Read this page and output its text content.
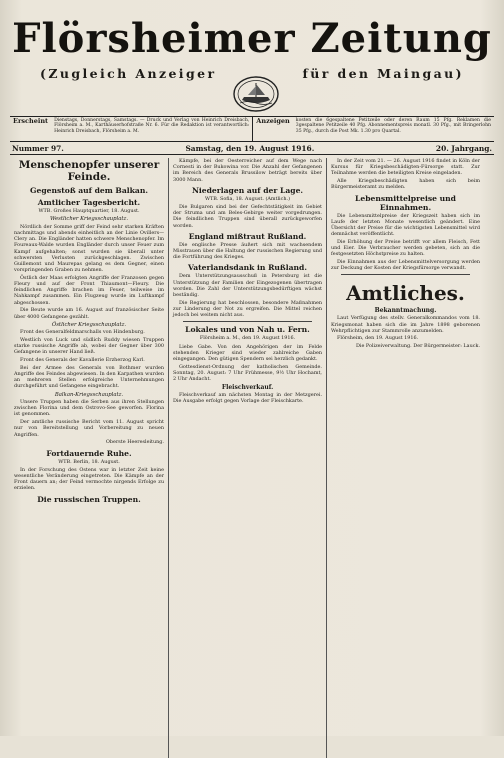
Flörsheimer Zeitung
(Zugleich Anzeiger	für den Maingau)
Erscheint	Dienstags, Donnerstags, Samstags. — Druck und Verlag von Heinrich Dreisbach, Flörsheim a. M., Karthäuserhofstraße Nr. 6. Für die Redaktion ist verantwortlich: Heinrich Dreisbach, Flörsheim a. M.
Anzeigen	kosten die 6gespaltene Petitzeile oder deren Raum 15 Pfg. Reklamen die 3gespaltene Petitzeile 40 Pfg. Abonnementspreis monatl. 30 Pfg., mit Bringerlohn 35 Pfg., durch die Post Mk. 1.30 pro Quartal.
Nummer 97.	Samstag, den 19. August 1916.	20. Jahrgang.
Menschenopfer unserer Feinde.
Gegenstoß auf dem Balkan.
Amtlicher Tagesbericht.
WTB. Großes Hauptquartier, 18. August.
Westlicher Kriegsschauplatz.

Nördlich der Somme griff der Feind sehr starken Kräften nachmittags und abends einheitlich an der Linie Ovillers—Clery an. Die Engländer hatten schwere Menschenopfer. Im Foureaux-Walde wurden Engländer durch unser Feuer zum Kampf aufgehalten; sonst wurden sie überall unter schwersten Verlusten zurückgeschlagen. Zwischen Guillemont und Maurepas gelang es dem Gegner, einen vorspringenden Graben zu nehmen.

Östlich der Maas erfolgten Angriffe der Franzosen gegen Fleury und auf der Front Thiaumont—Fleury. Die feindlichen Angriffe brachen im Feuer, teilweise im Nahkampf zusammen. Ein Flugzeug wurde im Luftkampf abgeschossen.

Die Beute wurde am 16. August auf französischer Seite über 4000 Gefangene gezählt.

Östlicher Kriegsschauplatz.

Front des Generalfeldmarschalls von Hindenburg.

Westlich von Luck und südlich Ruddy wiesen Truppen starke russische Angriffe ab, wobei der Gegner über 300 Gefangene in unserer Hand ließ.

Front des Generals der Kavallerie Erzherzog Karl.

Bei der Armee des Generals von Bothmer wurden Angriffe des Feindes abgewiesen. In den Karpathen wurden an mehreren Stellen erfolgreiche Unternehmungen durchgeführt und Gefangene eingebracht.

Balkan-Kriegsschauplatz.

Unsere Truppen haben die Serben aus ihren Stellungen zwischen Florina und dem Ostrovo-See geworfen. Florina ist genommen.

Der amtliche russische Bericht vom 11. August spricht nur von Bereitstellung und Vorbereitung zu neuen Angriffen.

Oberste Heeresleitung.
Fortdauernde Ruhe.
WTB. Berlin, 18. August.

In der Forschung des Ostens war in letzter Zeit keine wesentliche Veränderung eingetreten. Die Kämpfe an der Front dauern an; der Feind vermochte nirgends Erfolge zu erzielen.

Die russischen Truppen.

Kämpfe, bei der Oesterreicher auf dem Wege nach Cornesti in der Bukowina vor. Die Anzahl der Gefangenen im Bereich des Generals Brussilow beträgt bereits über 3000 Mann.

Niederlagen auf der Lage.
WTB. Sofia, 18. August. (Amtlich.)

Die Bulgaren sind bei der Gefechtstätigkeit im Gebiet der Struma und am Beles-Gebirge weiter vorgedrungen. Die feindlichen Truppen sind überall zurückgeworfen worden.

England mißtraut Rußland.

Die englische Presse äußert sich mit wachsendem Misstrauen über die Haltung der russischen Regierung und die Fortführung des Krieges.

Vaterlandsdank in Rußland.

Dem Unterstützungsausschuß in Petersburg ist die Unterstützung der Familien der Eingezogenen übertragen worden. Die Zahl der Unterstützungsbedürftigen wächst beständig.

Die Regierung hat beschlossen, besondere Maßnahmen zur Linderung der Not zu ergreifen. Die Mittel reichen jedoch bei weitem nicht aus.

Lokales und von Nah u. Fern.
Flörsheim a. M., den 19. August 1916.

Liebe Gabe. Von den Angehörigen der im Felde stehenden Krieger sind wieder zahlreiche Gaben eingegangen. Den gütigen Spendern sei herzlich gedankt.

Gottesdienst-Ordnung der katholischen Gemeinde. Sonntag, 20. August: 7 Uhr Frühmesse, 9½ Uhr Hochamt, 2 Uhr Andacht.

Fleischverkauf.

Fleischverkauf am nächsten Montag in der Metzgerei. Die Ausgabe erfolgt gegen Vorlage der Fleischkarte.

In der Zeit vom 21. — 26. August 1916 findet in Köln der Kursus für Kriegsbeschädigten-Fürsorge statt. Zur Teilnahme werden die beteiligten Kreise eingeladen.

Alle Kriegsbeschädigten haben sich beim Bürgermeisteramt zu melden.

Lebensmittelpreise und Einnahmen.

Die Lebensmittelpreise der Kriegszeit haben sich im Laufe der letzten Monate wesentlich geändert. Eine Übersicht der Preise für die wichtigsten Lebensmittel wird demnächst veröffentlicht.

Die Erhöhung der Preise betrifft vor allem Fleisch, Fett und Eier. Die Verbraucher werden gebeten, sich an die festgesetzten Höchstpreise zu halten.

Die Einnahmen aus der Lebensmittelversorgung werden zur Deckung der Kosten der Kriegsfürsorge verwandt.

Amtliches.
Bekanntmachung.

Laut Verfügung des stellv. Generalkommandos vom 18. Kriegsmonat haben sich die im Jahre 1898 geborenen Wehrpflichtigen zur Stammrolle anzumelden.

Flörsheim, den 19. August 1916.

Die Polizeiverwaltung. Der Bürgermeister: Lauck.
